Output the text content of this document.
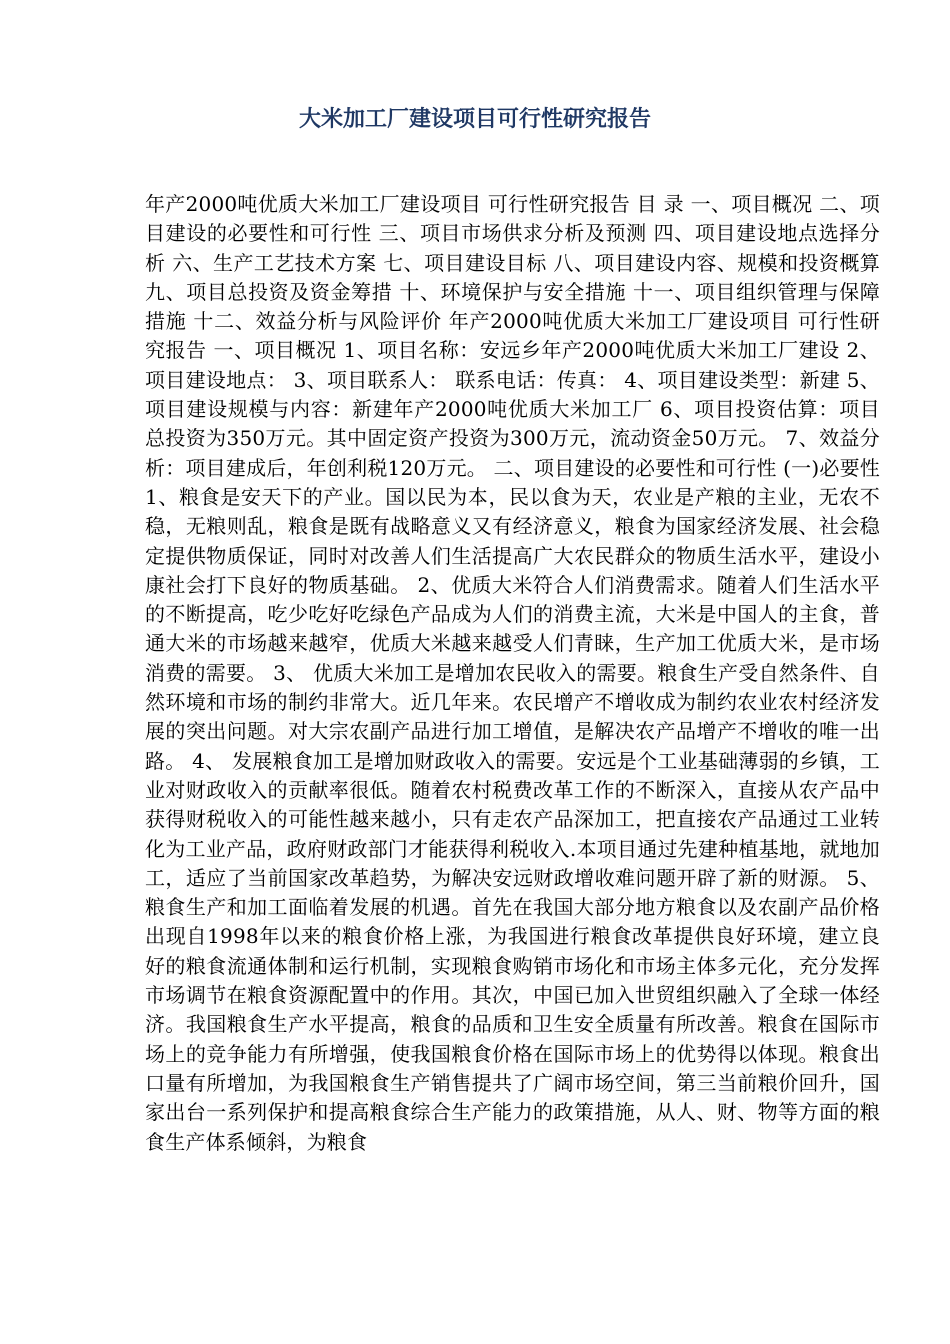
大米加工厂建设项目可行性研究报告

年产2000吨优质大米加工厂建设项目 可行性研究报告 目 录 一、项目概况 二、项目建设的必要性和可行性 三、项目市场供求分析及预测 四、项目建设地点选择分析 六、生产工艺技术方案 七、项目建设目标 八、项目建设内容、规模和投资概算 九、项目总投资及资金筹措 十、环境保护与安全措施 十一、项目组织管理与保障措施 十二、效益分析与风险评价 年产2000吨优质大米加工厂建设项目 可行性研究报告 一、项目概况 1、项目名称：安远乡年产2000吨优质大米加工厂建设 2、项目建设地点： 3、项目联系人： 联系电话：传真： 4、项目建设类型：新建 5、项目建设规模与内容：新建年产2000吨优质大米加工厂 6、项目投资估算：项目总投资为350万元。其中固定资产投资为300万元，流动资金50万元。 7、效益分析：项目建成后，年创利税120万元。 二、项目建设的必要性和可行性 (一)必要性 1、粮食是安天下的产业。国以民为本，民以食为天，农业是产粮的主业，无农不稳，无粮则乱，粮食是既有战略意义又有经济意义，粮食为国家经济发展、社会稳定提供物质保证，同时对改善人们生活提高广大农民群众的物质生活水平，建设小康社会打下良好的物质基础。 2、优质大米符合人们消费需求。随着人们生活水平的不断提高，吃少吃好吃绿色产品成为人们的消费主流，大米是中国人的主食，普通大米的市场越来越窄，优质大米越来越受人们青睐，生产加工优质大米，是市场消费的需要。 3、 优质大米加工是增加农民收入的需要。粮食生产受自然条件、自然环境和市场的制约非常大。近几年来。农民增产不增收成为制约农业农村经济发展的突出问题。对大宗农副产品进行加工增值，是解决农产品增产不增收的唯一出路。 4、 发展粮食加工是增加财政收入的需要。安远是个工业基础薄弱的乡镇，工业对财政收入的贡献率很低。随着农村税费改革工作的不断深入，直接从农产品中获得财税收入的可能性越来越小，只有走农产品深加工，把直接农产品通过工业转化为工业产品，政府财政部门才能获得利税收入.本项目通过先建种植基地，就地加工，适应了当前国家改革趋势，为解决安远财政增收难问题开辟了新的财源。 5、 粮食生产和加工面临着发展的机遇。首先在我国大部分地方粮食以及农副产品价格出现自1998年以来的粮食价格上涨，为我国进行粮食改革提供良好环境，建立良好的粮食流通体制和运行机制，实现粮食购销市场化和市场主体多元化，充分发挥市场调节在粮食资源配置中的作用。其次，中国已加入世贸组织融入了全球一体经济。我国粮食生产水平提高，粮食的品质和卫生安全质量有所改善。粮食在国际市场上的竞争能力有所增强，使我国粮食价格在国际市场上的优势得以体现。粮食出口量有所增加，为我国粮食生产销售提共了广阔市场空间，第三当前粮价回升，国家出台一系列保护和提高粮食综合生产能力的政策措施，从人、财、物等方面的粮食生产体系倾斜，为粮食
